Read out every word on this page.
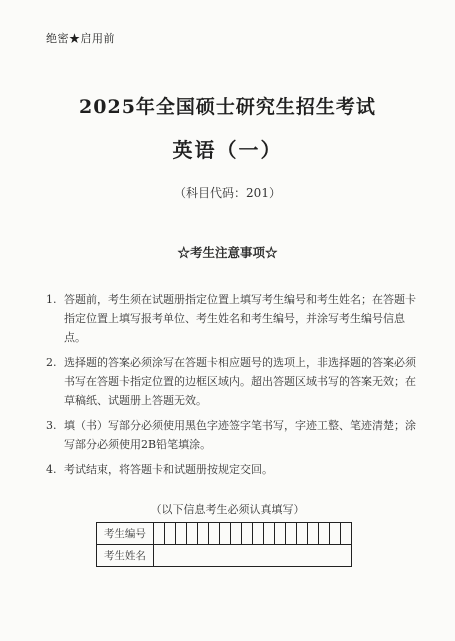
绝密★启用前
2025年全国硕士研究生招生考试
英语（一）
（科目代码：201）
☆考生注意事项☆
1. 答题前，考生须在试题册指定位置上填写考生编号和考生姓名；在答题卡指定位置上填写报考单位、考生姓名和考生编号，并涂写考生编号信息点。
2. 选择题的答案必须涂写在答题卡相应题号的选项上，非选择题的答案必须书写在答题卡指定位置的边框区域内。超出答题区域书写的答案无效；在草稿纸、试题册上答题无效。
3. 填（书）写部分必须使用黑色字迹签字笔书写，字迹工整、笔迹清楚；涂写部分必须使用2B铅笔填涂。
4. 考试结束，将答题卡和试题册按规定交回。
（以下信息考生必须认真填写）
考生编号																		
考生姓名																		
